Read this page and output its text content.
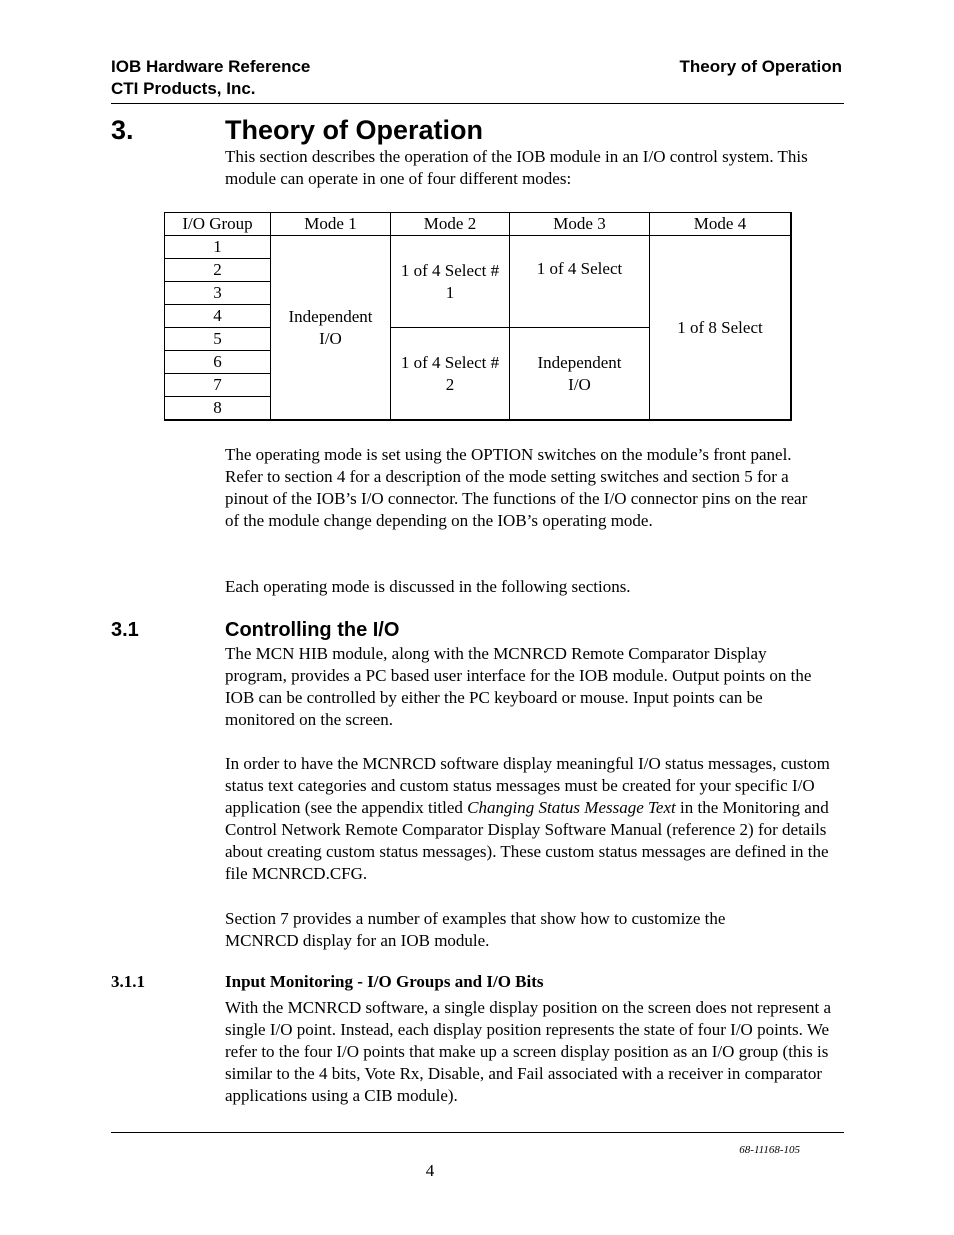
IOB Hardware Reference
CTI Products, Inc.
Theory of Operation
3.	Theory of Operation
This section describes the operation of the IOB module in an I/O control system. This module can operate in one of four different modes:
I/O Group	Mode 1	Mode 2	Mode 3	Mode 4
1	Independent I/O	1 of 4 Select # 1	1 of 4 Select	1 of 8 Select
2				
3				
4				
5		1 of 4 Select # 2	Independent I/O	
6				
7				
8				
The operating mode is set using the OPTION switches on the module’s front panel. Refer to section 4 for a description of the mode setting switches and section 5 for a pinout of the IOB’s I/O connector. The functions of the I/O connector pins on the rear of the module change depending on the IOB’s operating mode.
Each operating mode is discussed in the following sections.
3.1	Controlling the I/O
The MCN HIB module, along with the MCNRCD Remote Comparator Display program, provides a PC based user interface for the IOB module. Output points on the IOB can be controlled by either the PC keyboard or mouse. Input points can be monitored on the screen.
In order to have the MCNRCD software display meaningful I/O status messages, custom status text categories and custom status messages must be created for your specific I/O application (see the appendix titled Changing Status Message Text in the Monitoring and Control Network Remote Comparator Display Software Manual (reference 2) for details about creating custom status messages). These custom status messages are defined in the file MCNRCD.CFG.
Section 7 provides a number of examples that show how to customize the MCNRCD display for an IOB module.
3.1.1	Input Monitoring - I/O Groups and I/O Bits
With the MCNRCD software, a single display position on the screen does not represent a single I/O point. Instead, each display position represents the state of four I/O points. We refer to the four I/O points that make up a screen display position as an I/O group (this is similar to the 4 bits, Vote Rx, Disable, and Fail associated with a receiver in comparator applications using a CIB module).
68-11168-105
4
